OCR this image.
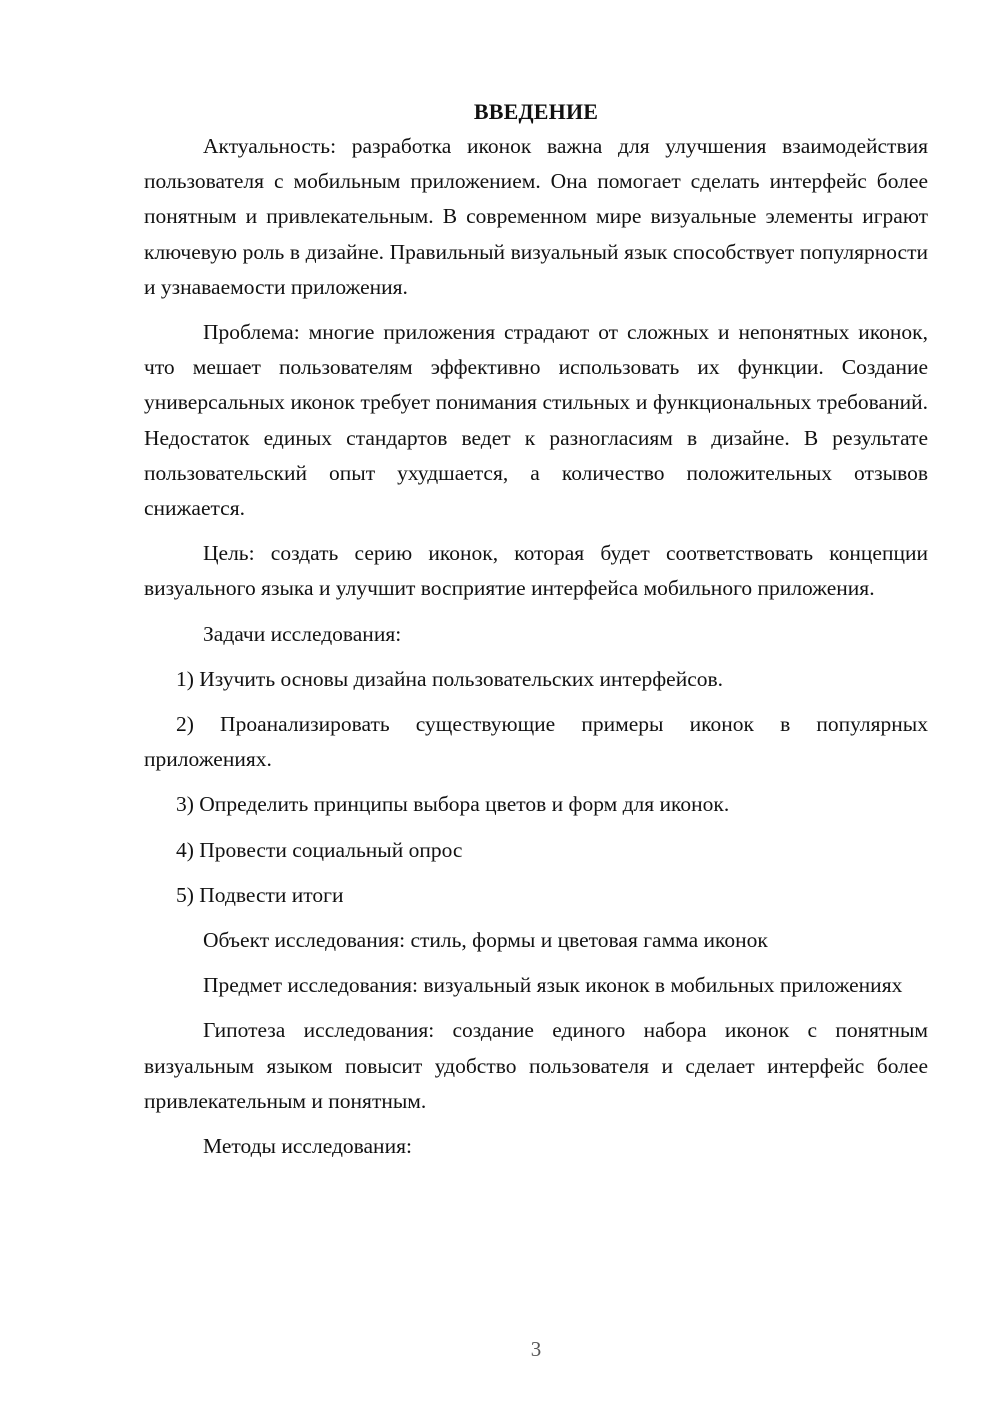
ВВЕДЕНИЕ

Актуальность: разработка иконок важна для улучшения взаимодействия пользователя с мобильным приложением. Она помогает сделать интерфейс более понятным и привлекательным. В современном мире визуальные элементы играют ключевую роль в дизайне. Правильный визуальный язык способствует популярности и узнаваемости приложения.

Проблема: многие приложения страдают от сложных и непонятных иконок, что мешает пользователям эффективно использовать их функции. Создание универсальных иконок требует понимания стильных и функциональных требований. Недостаток единых стандартов ведет к разногласиям в дизайне. В результате пользовательский опыт ухудшается, а количество положительных отзывов снижается.

Цель: создать серию иконок, которая будет соответствовать концепции визуального языка и улучшит восприятие интерфейса мобильного приложения.

Задачи исследования:

1) Изучить основы дизайна пользовательских интерфейсов.

2) Проанализировать существующие примеры иконок в популярных приложениях.

3) Определить принципы выбора цветов и форм для иконок.

4) Провести социальный опрос

5) Подвести итоги

Объект исследования: стиль, формы и цветовая гамма иконок

Предмет исследования: визуальный язык иконок в мобильных приложениях

Гипотеза исследования: создание единого набора иконок с понятным визуальным языком повысит удобство пользователя и сделает интерфейс более привлекательным и понятным.

Методы исследования:

3
